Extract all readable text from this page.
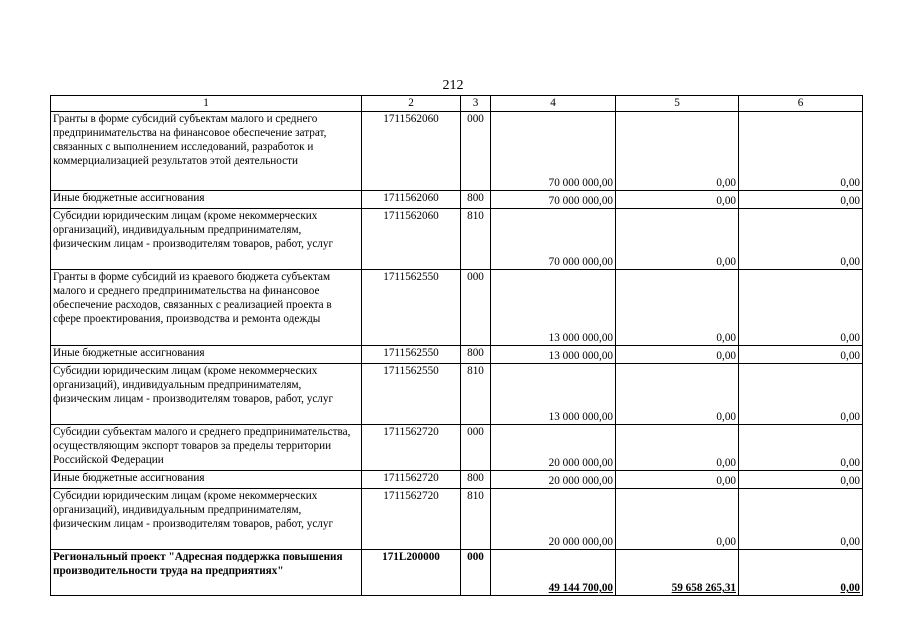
212
1	2	3	4	5	6
Гранты в форме субсидий субъектам малого и среднего предпринимательства на финансовое обеспечение затрат, связанных с выполнением исследований, разработок и коммерциализацией результатов этой деятельности	1711562060	000	70 000 000,00	0,00	0,00
Иные бюджетные ассигнования	1711562060	800	70 000 000,00	0,00	0,00
Субсидии юридическим лицам (кроме некоммерческих организаций), индивидуальным предпринимателям, физическим лицам - производителям товаров, работ, услуг	1711562060	810	70 000 000,00	0,00	0,00
Гранты в форме субсидий из краевого бюджета субъектам малого и среднего предпринимательства на финансовое обеспечение расходов, связанных с реализацией проекта в сфере проектирования, производства и ремонта одежды	1711562550	000	13 000 000,00	0,00	0,00
Иные бюджетные ассигнования	1711562550	800	13 000 000,00	0,00	0,00
Субсидии юридическим лицам (кроме некоммерческих организаций), индивидуальным предпринимателям, физическим лицам - производителям товаров, работ, услуг	1711562550	810	13 000 000,00	0,00	0,00
Субсидии субъектам малого и среднего предпринимательства, осуществляющим экспорт товаров за пределы территории Российской Федерации	1711562720	000	20 000 000,00	0,00	0,00
Иные бюджетные ассигнования	1711562720	800	20 000 000,00	0,00	0,00
Субсидии юридическим лицам (кроме некоммерческих организаций), индивидуальным предпринимателям, физическим лицам - производителям товаров, работ, услуг	1711562720	810	20 000 000,00	0,00	0,00
Региональный проект "Адресная поддержка повышения производительности труда на предприятиях"	171L200000	000	49 144 700,00	59 658 265,31	0,00
